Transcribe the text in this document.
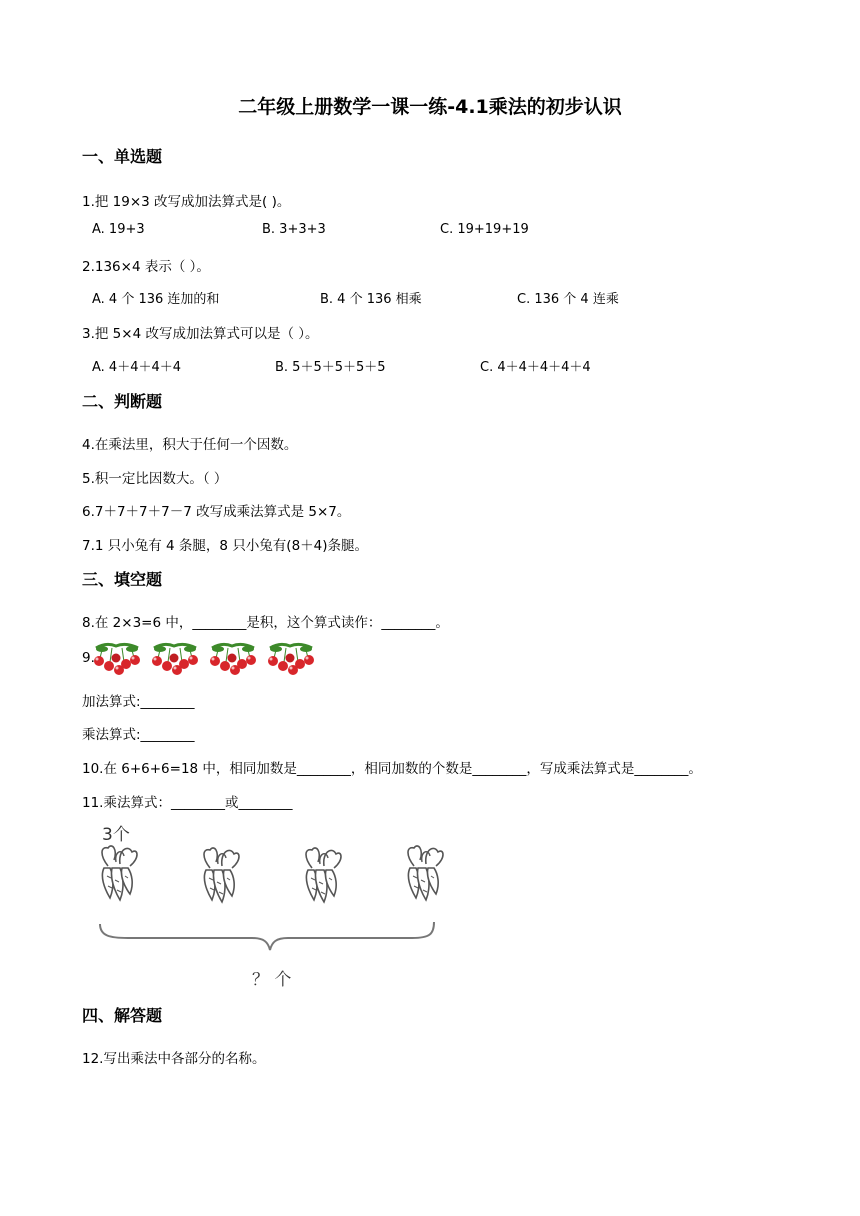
二年级上册数学一课一练-4.1乘法的初步认识
一、单选题
1.把 19×3 改写成加法算式是( )。
A. 19+3	B. 3+3+3	C. 19+19+19
2.136×4 表示（ ）。
A. 4 个 136 连加的和	B. 4 个 136 相乘	C. 136 个 4 连乘
3.把 5×4 改写成加法算式可以是（ ）。
A. 4＋4＋4＋4	B. 5＋5＋5＋5＋5	C. 4＋4＋4＋4＋4
二、判断题
4.在乘法里，积大于任何一个因数。
5.积一定比因数大。（ ）
6.7＋7＋7＋7－7 改写成乘法算式是 5×7。
7.1 只小兔有 4 条腿，8 只小兔有(8＋4)条腿。
三、填空题
8.在 2×3=6 中，________是积，这个算式读作：________。
9.
加法算式:________
乘法算式:________
10.在 6+6+6=18 中，相同加数是________，相同加数的个数是________，写成乘法算式是________。
11.乘法算式：________或________
3个
？ 个
四、解答题
12.写出乘法中各部分的名称。
